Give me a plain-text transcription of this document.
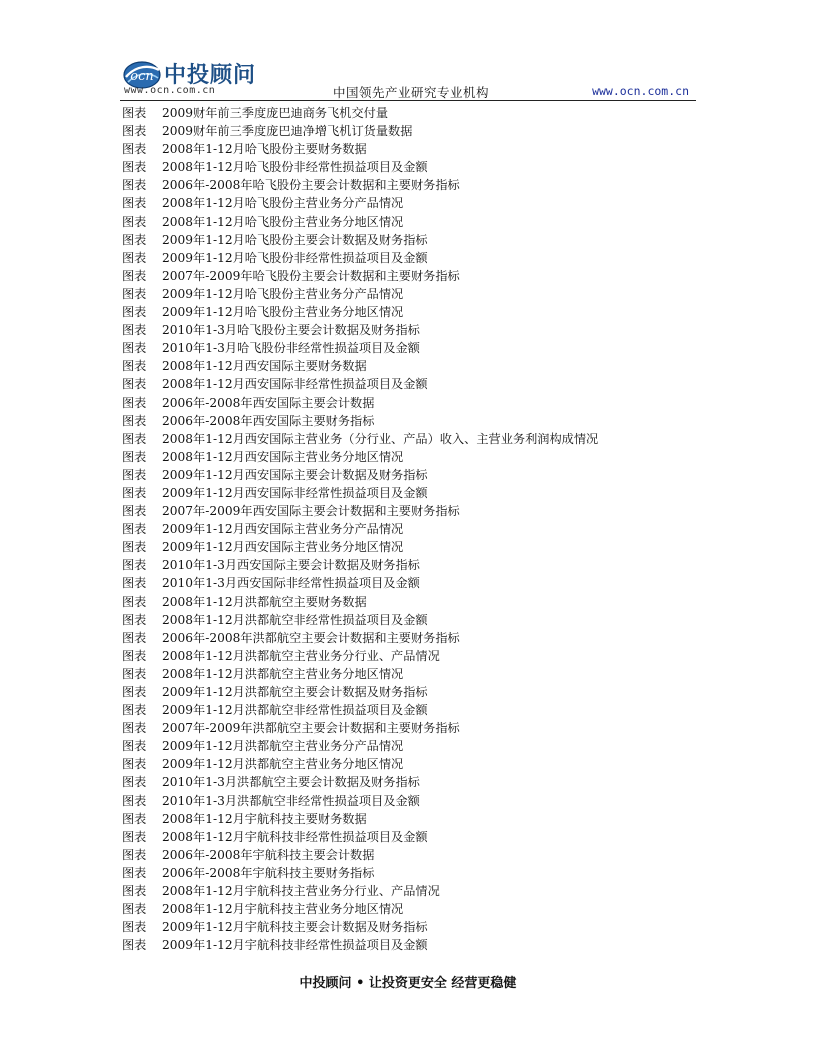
ocn 中投顾问
www.ocn.com.cn	中国领先产业研究专业机构	www.ocn.com.cn
图表 2009财年前三季度庞巴迪商务飞机交付量
图表 2009财年前三季度庞巴迪净增飞机订货量数据
图表 2008年1-12月哈飞股份主要财务数据
图表 2008年1-12月哈飞股份非经常性损益项目及金额
图表 2006年-2008年哈飞股份主要会计数据和主要财务指标
图表 2008年1-12月哈飞股份主营业务分产品情况
图表 2008年1-12月哈飞股份主营业务分地区情况
图表 2009年1-12月哈飞股份主要会计数据及财务指标
图表 2009年1-12月哈飞股份非经常性损益项目及金额
图表 2007年-2009年哈飞股份主要会计数据和主要财务指标
图表 2009年1-12月哈飞股份主营业务分产品情况
图表 2009年1-12月哈飞股份主营业务分地区情况
图表 2010年1-3月哈飞股份主要会计数据及财务指标
图表 2010年1-3月哈飞股份非经常性损益项目及金额
图表 2008年1-12月西安国际主要财务数据
图表 2008年1-12月西安国际非经常性损益项目及金额
图表 2006年-2008年西安国际主要会计数据
图表 2006年-2008年西安国际主要财务指标
图表 2008年1-12月西安国际主营业务（分行业、产品）收入、主营业务利润构成情况
图表 2008年1-12月西安国际主营业务分地区情况
图表 2009年1-12月西安国际主要会计数据及财务指标
图表 2009年1-12月西安国际非经常性损益项目及金额
图表 2007年-2009年西安国际主要会计数据和主要财务指标
图表 2009年1-12月西安国际主营业务分产品情况
图表 2009年1-12月西安国际主营业务分地区情况
图表 2010年1-3月西安国际主要会计数据及财务指标
图表 2010年1-3月西安国际非经常性损益项目及金额
图表 2008年1-12月洪都航空主要财务数据
图表 2008年1-12月洪都航空非经常性损益项目及金额
图表 2006年-2008年洪都航空主要会计数据和主要财务指标
图表 2008年1-12月洪都航空主营业务分行业、产品情况
图表 2008年1-12月洪都航空主营业务分地区情况
图表 2009年1-12月洪都航空主要会计数据及财务指标
图表 2009年1-12月洪都航空非经常性损益项目及金额
图表 2007年-2009年洪都航空主要会计数据和主要财务指标
图表 2009年1-12月洪都航空主营业务分产品情况
图表 2009年1-12月洪都航空主营业务分地区情况
图表 2010年1-3月洪都航空主要会计数据及财务指标
图表 2010年1-3月洪都航空非经常性损益项目及金额
图表 2008年1-12月宇航科技主要财务数据
图表 2008年1-12月宇航科技非经常性损益项目及金额
图表 2006年-2008年宇航科技主要会计数据
图表 2006年-2008年宇航科技主要财务指标
图表 2008年1-12月宇航科技主营业务分行业、产品情况
图表 2008年1-12月宇航科技主营业务分地区情况
图表 2009年1-12月宇航科技主要会计数据及财务指标
图表 2009年1-12月宇航科技非经常性损益项目及金额
中投顾问 • 让投资更安全 经营更稳健
